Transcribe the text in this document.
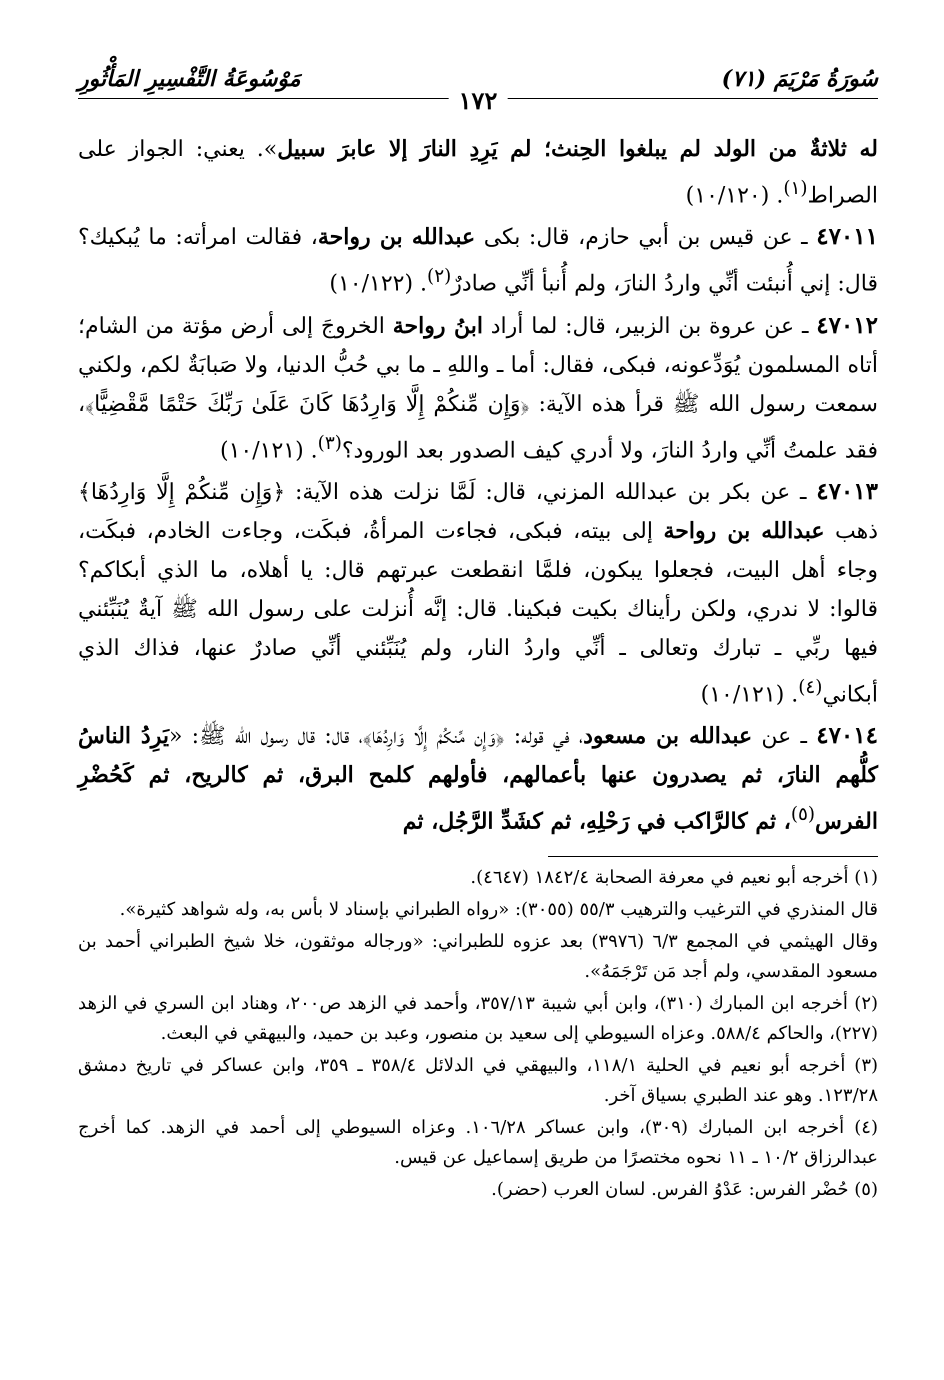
سُورَةُ مَرْيَمَ (٧١)
مَوْسُوعَةُ التَّفْسِيرِ المَأْثُورِ
١٧٢

له ثلاثةٌ من الولد لم يبلغوا الحِنث؛ لم يَرِدِ النارَ إلا عابرَ سبيل». يعني: الجواز على الصراط$^{(١)}$. (١٠/١٢٠)

٤٧٠١١ ـ عن قيس بن أبي حازم، قال: بكى عبدالله بن رواحة، فقالت امرأته: ما يُبكيك؟ قال: إني أُنبئت أنِّي واردُ النارَ، ولم أُنبأ أنِّي صادرٌ$^{(٢)}$. (١٠/١٢٢)

٤٧٠١٢ ـ عن عروة بن الزبير، قال: لما أراد ابنُ رواحة الخروجَ إلى أرض مؤتة من الشام؛ أتاه المسلمون يُوَدِّعونه، فبكى، فقال: أما ـ واللهِ ـ ما بي حُبُّ الدنيا، ولا صَبابَةٌ لكم، ولكني سمعت رسول الله ﷺ قرأ هذه الآية: ﴿وَإِن مِّنكُمْ إِلَّا وَارِدُهَا كَانَ عَلَىٰ رَبِّكَ حَتْمًا مَّقْضِيًّا﴾، فقد علمتُ أنِّي واردُ النارَ، ولا أدري كيف الصدور بعد الورود؟$^{(٣)}$. (١٠/١٢١)

٤٧٠١٣ ـ عن بكر بن عبدالله المزني، قال: لَمَّا نزلت هذه الآية: ﴿وَإِن مِّنكُمْ إِلَّا وَارِدُهَا﴾ ذهب عبدالله بن رواحة إلى بيته، فبكى، فجاءت المرأةُ، فبكَت، وجاءت الخادم، فبكَت، وجاء أهل البيت، فجعلوا يبكون، فلمَّا انقطعت عبرتهم قال: يا أهلاه، ما الذي أبكاكم؟ قالوا: لا ندري، ولكن رأيناك بكيت فبكينا. قال: إنَّه أُنزلت على رسول الله ﷺ آيةٌ يُنَبِّئني فيها ربِّي ـ تبارك وتعالى ـ أنِّي واردُ النار، ولم يُنَبِّئني أنِّي صادرٌ عنها، فذاك الذي أبكاني$^{(٤)}$. (١٠/١٢١)

٤٧٠١٤ ـ عن عبدالله بن مسعود، في قوله: ﴿وَإِن مِّنكُمْ إِلَّا وَارِدُهَا﴾، قال: قال رسول الله ﷺ: «يَرِدُ الناسُ كلُّهم النارَ، ثم يصدرون عنها بأعمالهم، فأولهم كلمح البرق، ثم كالريح، ثم كَحُضْرِ الفرس$^{(٥)}$، ثم كالرَّاكب في رَحْلِهِ، ثم كشَدِّ الرَّجُل، ثم

(١) أخرجه أبو نعيم في معرفة الصحابة ١٨٤٢/٤ (٤٦٤٧).

قال المنذري في الترغيب والترهيب ٥٥/٣ (٣٠٥٥): «رواه الطبراني بإسناد لا بأس به، وله شواهد كثيرة».

وقال الهيثمي في المجمع ٦/٣ (٣٩٧٦) بعد عزوه للطبراني: «ورجاله موثقون، خلا شيخ الطبراني أحمد بن مسعود المقدسي، ولم أجد مَن تَرْجَمَهُ».

(٢) أخرجه ابن المبارك (٣١٠)، وابن أبي شيبة ٣٥٧/١٣، وأحمد في الزهد ص٢٠٠، وهناد ابن السري في الزهد (٢٢٧)، والحاكم ٥٨٨/٤. وعزاه السيوطي إلى سعيد بن منصور، وعبد بن حميد، والبيهقي في البعث.

(٣) أخرجه أبو نعيم في الحلية ١١٨/١، والبيهقي في الدلائل ٣٥٨/٤ ـ ٣٥٩، وابن عساكر في تاريخ دمشق ١٢٣/٢٨. وهو عند الطبري بسياق آخر.

(٤) أخرجه ابن المبارك (٣٠٩)، وابن عساكر ١٠٦/٢٨. وعزاه السيوطي إلى أحمد في الزهد. كما أخرج عبدالرزاق ١٠/٢ ـ ١١ نحوه مختصرًا من طريق إسماعيل عن قيس.

(٥) حُضْر الفرس: عَدْوُ الفرس. لسان العرب (حضر).
